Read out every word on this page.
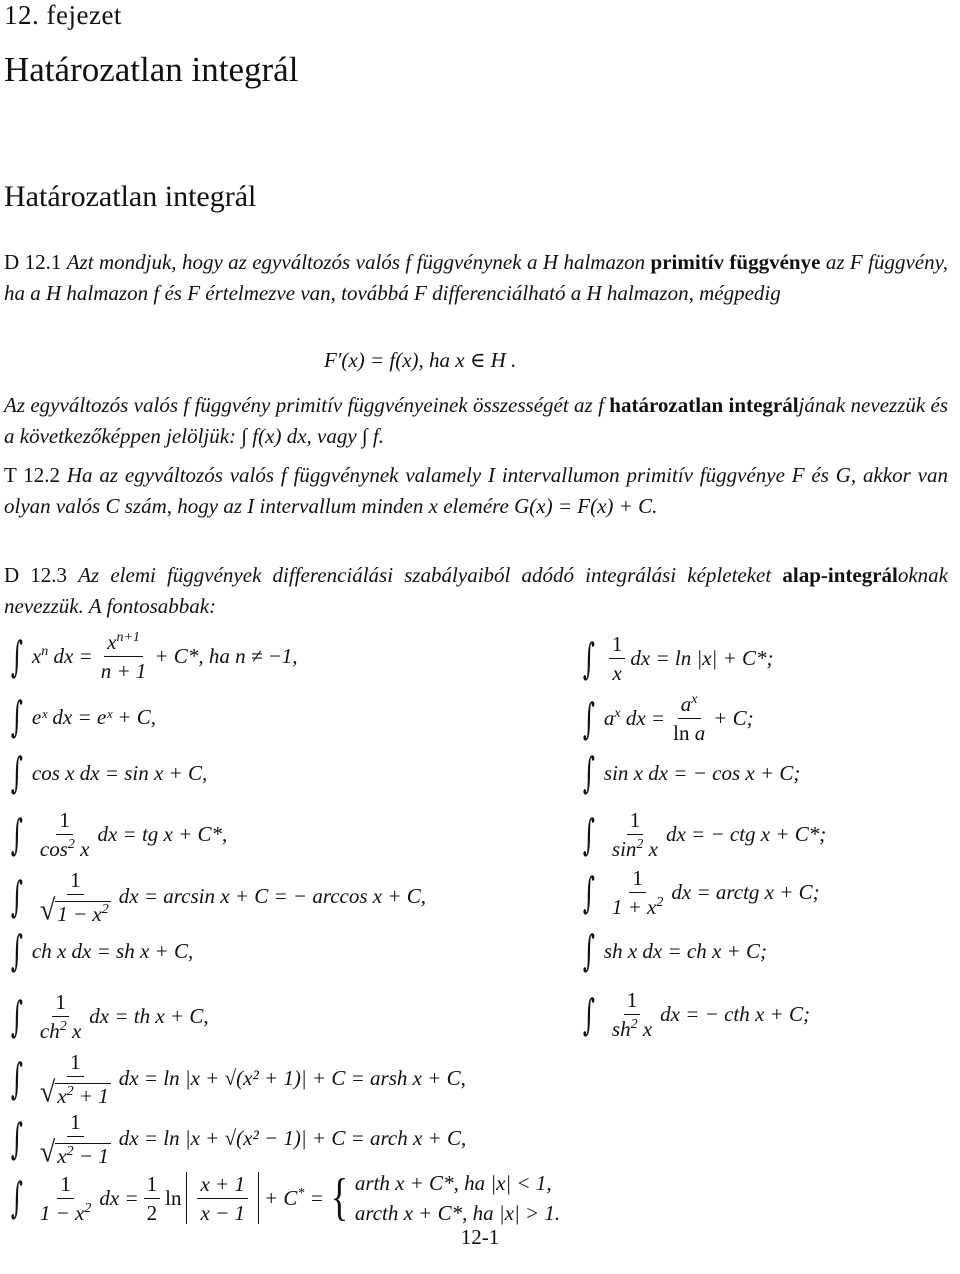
12. fejezet
Határozatlan integrál
Határozatlan integrál
D 12.1 Azt mondjuk, hogy az egyváltozós valós f függvénynek a H halmazon primitív függvénye az F függvény, ha a H halmazon f és F értelmezve van, továbbá F differenciálható a H halmazon, mégpedig
F′(x) = f(x), ha x ∈ H .
Az egyváltozós valós f függvény primitív függvényeinek összességét az f határozatlan integráljának nevezzük és a következőképpen jelöljük: ∫ f(x) dx, vagy ∫ f.
T 12.2 Ha az egyváltozós valós f függvénynek valamely I intervallumon primitív függvénye F és G, akkor van olyan valós C szám, hogy az I intervallum minden x elemére G(x) = F(x) + C.
D 12.3 Az elemi függvények differenciálási szabályaiból adódó integrálási képleteket alap-integráloknak nevezzük. A fontosabbak:
∫ $x^n$ dx = $\frac{x^{n+1}}{n + 1} + C*$, ha n ≠ −1,
∫ eˣ dx = eˣ + C,
∫ cos x dx = sin x + C,
∫ $\frac{1}{\cos^2 x}$ dx = tg x + C*,
∫ $\frac{1}{√ 1 - x^2}$ dx = arcsin x + C = − arccos x + C,
∫ ch x dx = sh x + C,
∫ $\frac{1}{ch^2 x}$ dx = th x + C,
∫ $\frac{1}{√ x^2 + 1}$ dx = ln |x + √(x² + 1)| + C = arsh x + C,
∫ $\frac{1}{√ x^2 - 1}$ dx = ln |x + √(x² − 1)| + C = arch x + C,
∫ $\frac{1}{1 - x^2}$ dx = $\frac{1}{2}$ $\ln \frac{x + 1}{x - 1} + C^*$ = { arth x + C*, ha |x| < 1,
arcth x + C*, ha |x| > 1.
∫ $\frac{1}{x}$ dx = ln |x| + C*;
∫ $a^x$ dx = $\frac{a^x}{\text{ln a}} + C$;
∫ sin x dx = − cos x + C;
∫ $\frac{1}{\sin^2 x}$ dx = − ctg x + C*;
∫ $\frac{1}{1 + x^2}$ dx = arctg x + C;
∫ sh x dx = ch x + C;
∫ $\frac{1}{sh^2 x}$ dx = − cth x + C;
12-1
